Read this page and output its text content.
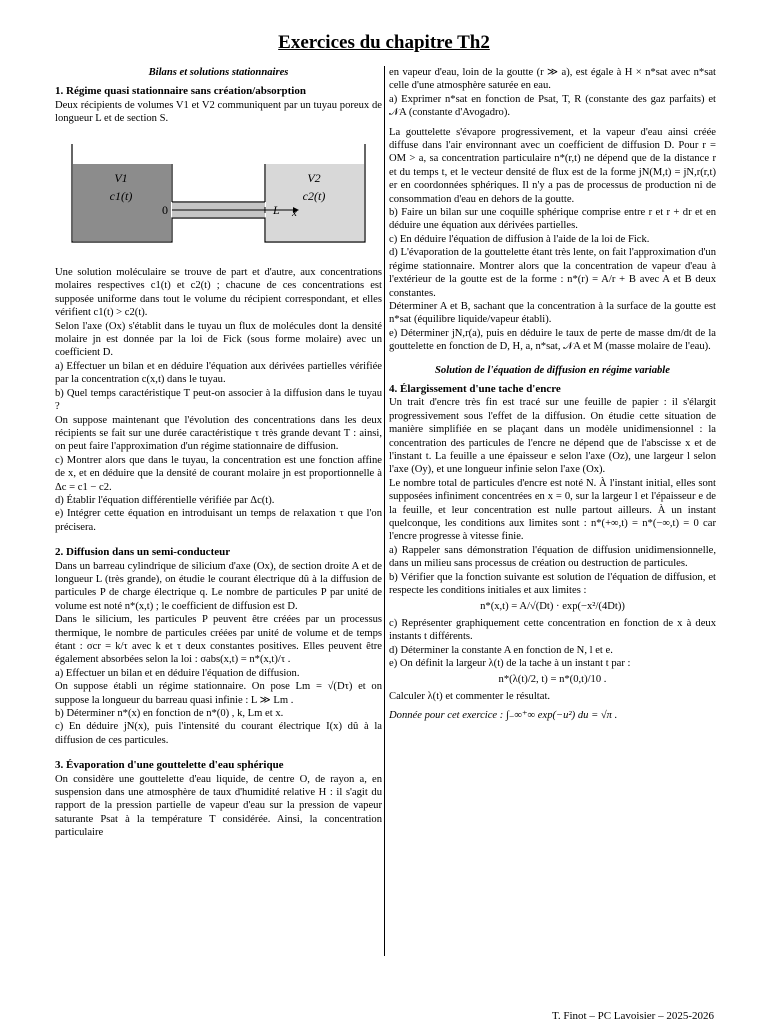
Exercices du chapitre Th2

Bilans et solutions stationnaires

1. Régime quasi stationnaire sans création/absorption

Deux récipients de volumes V1 et V2 communiquent par un tuyau poreux de longueur L et de section S.

V1
c1(t)
V2
c2(t)
0	L x

Une solution moléculaire se trouve de part et d'autre, aux concentrations molaires respectives c1(t) et c2(t) ; chacune de ces concentrations est supposée uniforme dans tout le volume du récipient correspondant, et elles vérifient c1(t) > c2(t).

Selon l'axe (Ox) s'établit dans le tuyau un flux de molécules dont la densité molaire jn est donnée par la loi de Fick (sous forme molaire) avec un coefficient D.

a) Effectuer un bilan et en déduire l'équation aux dérivées partielles vérifiée par la concentration c(x,t) dans le tuyau.

b) Quel temps caractéristique T peut-on associer à la diffusion dans le tuyau ?

On suppose maintenant que l'évolution des concentrations dans les deux récipients se fait sur une durée caractéristique τ très grande devant T : ainsi, on peut faire l'approximation d'un régime stationnaire de diffusion.

c) Montrer alors que dans le tuyau, la concentration est une fonction affine de x, et en déduire que la densité de courant molaire jn est proportionnelle à Δc = c1 − c2.

d) Établir l'équation différentielle vérifiée par Δc(t).

e) Intégrer cette équation en introduisant un temps de relaxation τ que l'on précisera.

2. Diffusion dans un semi-conducteur

Dans un barreau cylindrique de silicium d'axe (Ox), de section droite A et de longueur L (très grande), on étudie le courant électrique dû à la diffusion de particules P de charge électrique q. Le nombre de particules P par unité de volume est noté n*(x,t) ; le coefficient de diffusion est D.

Dans le silicium, les particules P peuvent être créées par un processus thermique, le nombre de particules créées par unité de volume et de temps étant : σcr = k/τ avec k et τ deux constantes positives. Elles peuvent être également absorbées selon la loi : σabs(x,t) = n*(x,t)/τ .

a) Effectuer un bilan et en déduire l'équation de diffusion.

On suppose établi un régime stationnaire. On pose Lm = √(Dτ) et on suppose la longueur du barreau quasi infinie : L ≫ Lm .

b) Déterminer n*(x) en fonction de n*(0) , k, Lm et x.

c) En déduire jN(x), puis l'intensité du courant électrique I(x) dû à la diffusion de ces particules.

3. Évaporation d'une gouttelette d'eau sphérique

On considère une gouttelette d'eau liquide, de centre O, de rayon a, en suspension dans une atmosphère de taux d'humidité relative H : il s'agit du rapport de la pression partielle de vapeur d'eau sur la pression de vapeur saturante Psat à la température T considérée. Ainsi, la concentration particulaire

en vapeur d'eau, loin de la goutte (r ≫ a), est égale à H × n*sat avec n*sat celle d'une atmosphère saturée en eau.

a) Exprimer n*sat en fonction de Psat, T, R (constante des gaz parfaits) et 𝒩A (constante d'Avogadro).

La gouttelette s'évapore progressivement, et la vapeur d'eau ainsi créée diffuse dans l'air environnant avec un coefficient de diffusion D. Pour r = OM > a, sa concentration particulaire n*(r,t) ne dépend que de la distance r et du temps t, et le vecteur densité de flux est de la forme jN(M,t) = jN,r(r,t) er en coordonnées sphériques. Il n'y a pas de processus de production ni de consommation d'eau en dehors de la goutte.

b) Faire un bilan sur une coquille sphérique comprise entre r et r + dr et en déduire une équation aux dérivées partielles.

c) En déduire l'équation de diffusion à l'aide de la loi de Fick.

d) L'évaporation de la gouttelette étant très lente, on fait l'approximation d'un régime stationnaire. Montrer alors que la concentration de vapeur d'eau à l'extérieur de la goutte est de la forme : n*(r) = A/r + B avec A et B deux constantes.

Déterminer A et B, sachant que la concentration à la surface de la goutte est n*sat (équilibre liquide/vapeur établi).

e) Déterminer jN,r(a), puis en déduire le taux de perte de masse dm/dt de la gouttelette en fonction de D, H, a, n*sat, 𝒩A et M (masse molaire de l'eau).

Solution de l'équation de diffusion en régime variable

4. Élargissement d'une tache d'encre

Un trait d'encre très fin est tracé sur une feuille de papier : il s'élargit progressivement sous l'effet de la diffusion. On étudie cette situation de manière simplifiée en se plaçant dans un modèle unidimensionnel : la concentration des particules de l'encre ne dépend que de l'abscisse x et de l'instant t. La feuille a une épaisseur e selon l'axe (Oz), une largeur l selon l'axe (Oy), et une longueur infinie selon l'axe (Ox).

Le nombre total de particules d'encre est noté N. À l'instant initial, elles sont supposées infiniment concentrées en x = 0, sur la largeur l et l'épaisseur e de la feuille, et leur concentration est nulle partout ailleurs. À un instant quelconque, les conditions aux limites sont : n*(+∞,t) = n*(−∞,t) = 0 car l'encre progresse à vitesse finie.

a) Rappeler sans démonstration l'équation de diffusion unidimensionnelle, dans un milieu sans processus de création ou destruction de particules.

b) Vérifier que la fonction suivante est solution de l'équation de diffusion, et respecte les conditions initiales et aux limites :

n*(x,t) = A/√(Dt) · exp(−x²/(4Dt))

c) Représenter graphiquement cette concentration en fonction de x à deux instants t différents.

d) Déterminer la constante A en fonction de N, l et e.

e) On définit la largeur λ(t) de la tache à un instant t par :

n*(λ(t)/2, t) = n*(0,t)/10 .

Calculer λ(t) et commenter le résultat.

Donnée pour cet exercice : ∫₋∞⁺∞ exp(−u²) du = √π .

T. Finot – PC Lavoisier – 2025-2026
